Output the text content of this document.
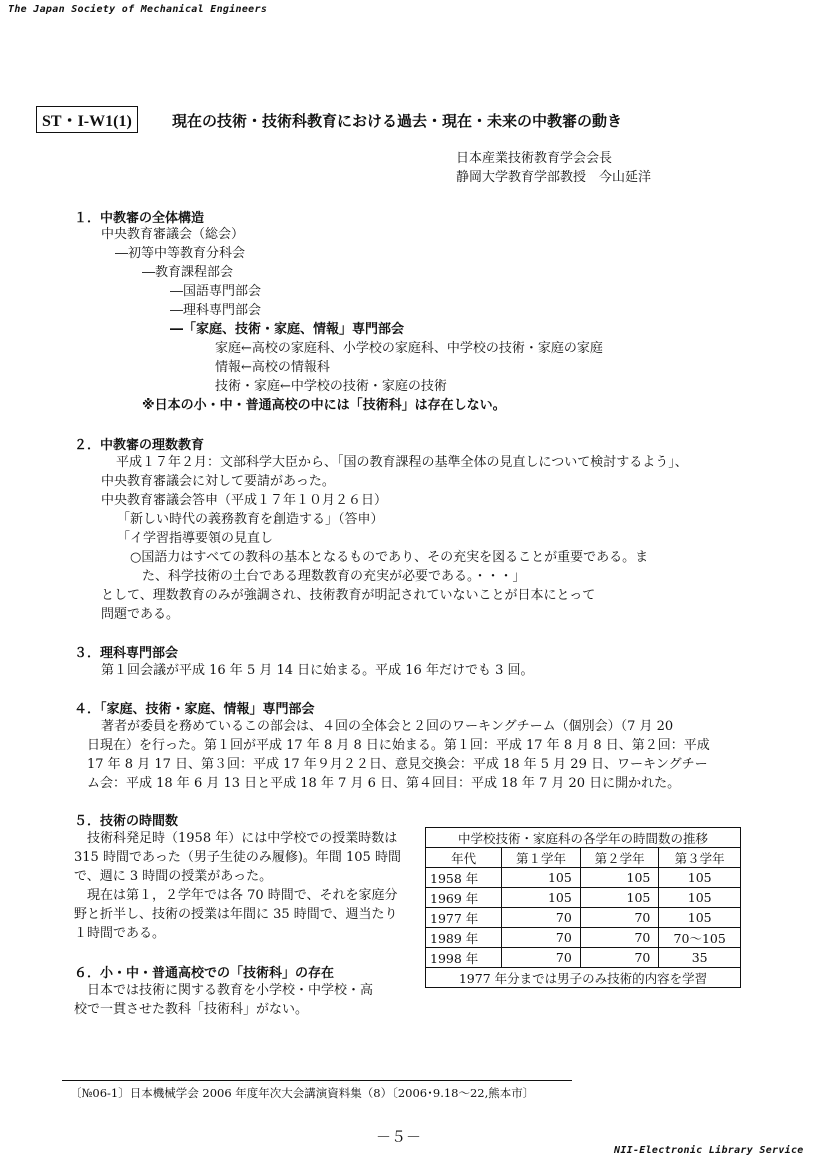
The Japan Society of Mechanical Engineers
ST・I-W1(1)	現在の技術・技術科教育における過去・現在・未来の中教審の動き
日本産業技術教育学会会長
静岡大学教育学部教授　今山延洋
１．中教審の全体構造
中央教育審議会（総会）
―初等中等教育分科会
―教育課程部会
―国語専門部会
―理科専門部会
―「家庭、技術・家庭、情報」専門部会
家庭←高校の家庭科、小学校の家庭科、中学校の技術・家庭の家庭
情報←高校の情報科
技術・家庭←中学校の技術・家庭の技術
※日本の小・中・普通高校の中には「技術科」は存在しない。
２．中教審の理数教育
平成１７年２月：文部科学大臣から、｢国の教育課程の基準全体の見直しについて検討するよう」、
中央教育審議会に対して要請があった。
中央教育審議会答申（平成１７年１０月２６日）
「新しい時代の義務教育を創造する」（答申）
「イ学習指導要領の見直し
○国語力はすべての教科の基本となるものであり、その充実を図ることが重要である。ま
た、科学技術の土台である理数教育の充実が必要である。・・・」
として、理数教育のみが強調され、技術教育が明記されていないことが日本にとって
問題である。
３．理科専門部会
第１回会議が平成 16 年 5 月 14 日に始まる。平成 16 年だけでも 3 回。
４．｢家庭、技術・家庭、情報」専門部会
著者が委員を務めているこの部会は、４回の全体会と２回のワーキングチーム（個別会）（7 月 20
日現在）を行った。第１回が平成 17 年 8 月 8 日に始まる。第１回：平成 17 年 8 月 8 日、第２回：平成
17 年 8 月 17 日、第３回：平成 17 年９月２２日、意見交換会：平成 18 年 5 月 29 日、ワーキングチー
ム会：平成 18 年 6 月 13 日と平成 18 年 7 月 6 日、第４回目：平成 18 年 7 月 20 日に開かれた。
５．技術の時間数
技術科発足時（1958 年）には中学校での授業時数は
315 時間であった（男子生徒のみ履修)。年間 105 時間
で、週に 3 時間の授業があった。
現在は第１，２学年では各 70 時間で、それを家庭分
野と折半し、技術の授業は年間に 35 時間で、週当たり
１時間である。
６．小・中・普通高校での「技術科」の存在
日本では技術に関する教育を小学校・中学校・高
校で一貫させた教科「技術科」がない。
中学校技術・家庭科の各学年の時間数の推移			
年代	第１学年	第２学年	第３学年
1958 年	105	105	105
1969 年	105	105	105
1977 年	70	70	105
1989 年	70	70	70～105
1998 年	70	70	35
1977 年分までは男子のみ技術的内容を学習			
〔№06-1〕日本機械学会 2006 年度年次大会講演資料集（8）〔2006･9.18～22,熊本市〕
－５－
NII-Electronic Library Service
